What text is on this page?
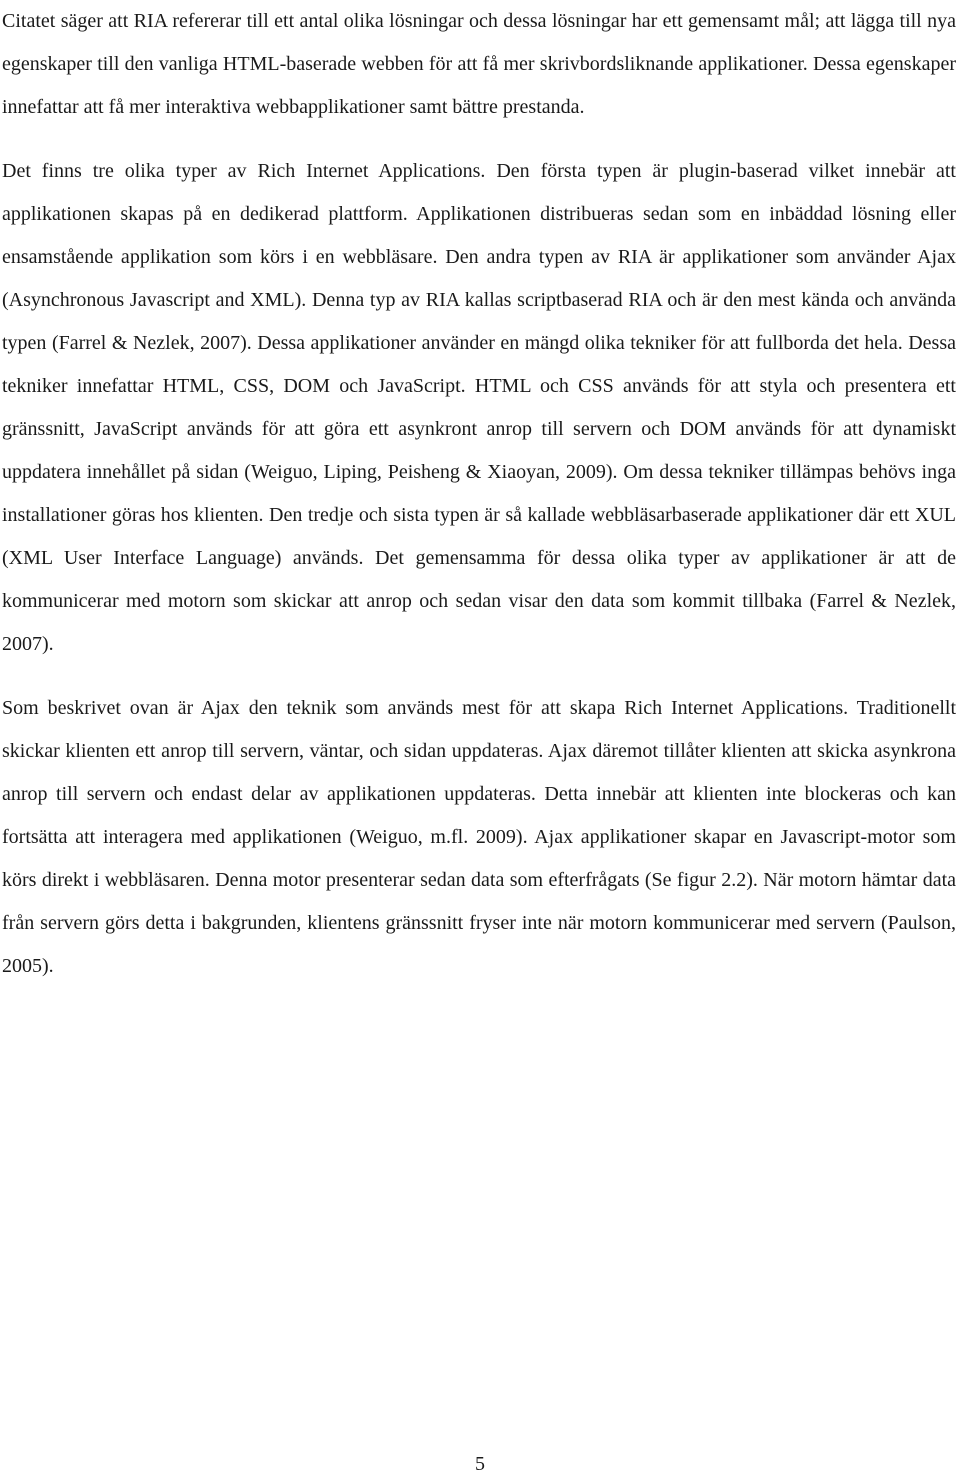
Citatet säger att RIA refererar till ett antal olika lösningar och dessa lösningar har ett gemensamt mål; att lägga till nya egenskaper till den vanliga HTML-baserade webben för att få mer skrivbordsliknande applikationer. Dessa egenskaper innefattar att få mer interaktiva webbapplikationer samt bättre prestanda.

Det finns tre olika typer av Rich Internet Applications. Den första typen är plugin-baserad vilket innebär att applikationen skapas på en dedikerad plattform. Applikationen distribueras sedan som en inbäddad lösning eller ensamstående applikation som körs i en webbläsare. Den andra typen av RIA är applikationer som använder Ajax (Asynchronous Javascript and XML). Denna typ av RIA kallas scriptbaserad RIA och är den mest kända och använda typen (Farrel & Nezlek, 2007). Dessa applikationer använder en mängd olika tekniker för att fullborda det hela. Dessa tekniker innefattar HTML, CSS, DOM och JavaScript. HTML och CSS används för att styla och presentera ett gränssnitt, JavaScript används för att göra ett asynkront anrop till servern och DOM används för att dynamiskt uppdatera innehållet på sidan (Weiguo, Liping, Peisheng & Xiaoyan, 2009). Om dessa tekniker tillämpas behövs inga installationer göras hos klienten. Den tredje och sista typen är så kallade webbläsarbaserade applikationer där ett XUL (XML User Interface Language) används. Det gemensamma för dessa olika typer av applikationer är att de kommunicerar med motorn som skickar att anrop och sedan visar den data som kommit tillbaka (Farrel & Nezlek, 2007).

Som beskrivet ovan är Ajax den teknik som används mest för att skapa Rich Internet Applications. Traditionellt skickar klienten ett anrop till servern, väntar, och sidan uppdateras. Ajax däremot tillåter klienten att skicka asynkrona anrop till servern och endast delar av applikationen uppdateras. Detta innebär att klienten inte blockeras och kan fortsätta att interagera med applikationen (Weiguo, m.fl. 2009). Ajax applikationer skapar en Javascript-motor som körs direkt i webbläsaren. Denna motor presenterar sedan data som efterfrågats (Se figur 2.2). När motorn hämtar data från servern görs detta i bakgrunden, klientens gränssnitt fryser inte när motorn kommunicerar med servern (Paulson, 2005).

5
